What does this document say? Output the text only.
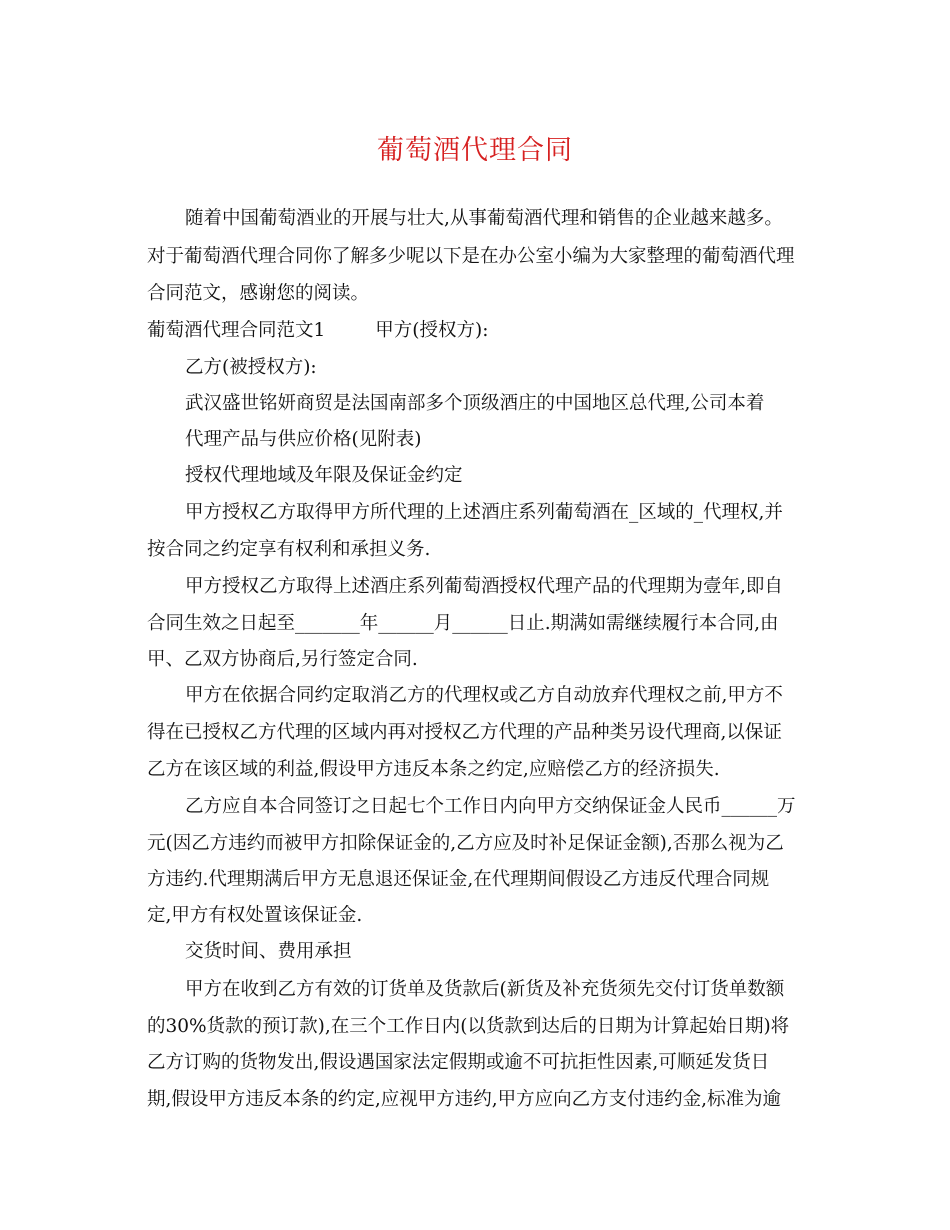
葡萄酒代理合同
随着中国葡萄酒业的开展与壮大,从事葡萄酒代理和销售的企业越来越多。
对于葡萄酒代理合同你了解多少呢以下是在办公室小编为大家整理的葡萄酒代理
合同范文，感谢您的阅读。
葡萄酒代理合同范文1	甲方(授权方):
乙方(被授权方):
武汉盛世铭妍商贸是法国南部多个顶级酒庄的中国地区总代理,公司本着
代理产品与供应价格(见附表)
授权代理地域及年限及保证金约定
甲方授权乙方取得甲方所代理的上述酒庄系列葡萄酒在_区域的_代理权,并
按合同之约定享有权利和承担义务.
甲方授权乙方取得上述酒庄系列葡萄酒授权代理产品的代理期为壹年,即自
合同生效之日起至_______年______月______日止.期满如需继续履行本合同,由
甲、乙双方协商后,另行签定合同.
甲方在依据合同约定取消乙方的代理权或乙方自动放弃代理权之前,甲方不
得在已授权乙方代理的区域内再对授权乙方代理的产品种类另设代理商,以保证
乙方在该区域的利益,假设甲方违反本条之约定,应赔偿乙方的经济损失.
乙方应自本合同签订之日起七个工作日内向甲方交纳保证金人民币______万
元(因乙方违约而被甲方扣除保证金的,乙方应及时补足保证金额),否那么视为乙
方违约.代理期满后甲方无息退还保证金,在代理期间假设乙方违反代理合同规
定,甲方有权处置该保证金.
交货时间、费用承担
甲方在收到乙方有效的订货单及货款后(新货及补充货须先交付订货单数额
的30%货款的预订款),在三个工作日内(以货款到达后的日期为计算起始日期)将
乙方订购的货物发出,假设遇国家法定假期或逾不可抗拒性因素,可顺延发货日
期,假设甲方违反本条的约定,应视甲方违约,甲方应向乙方支付违约金,标准为逾
